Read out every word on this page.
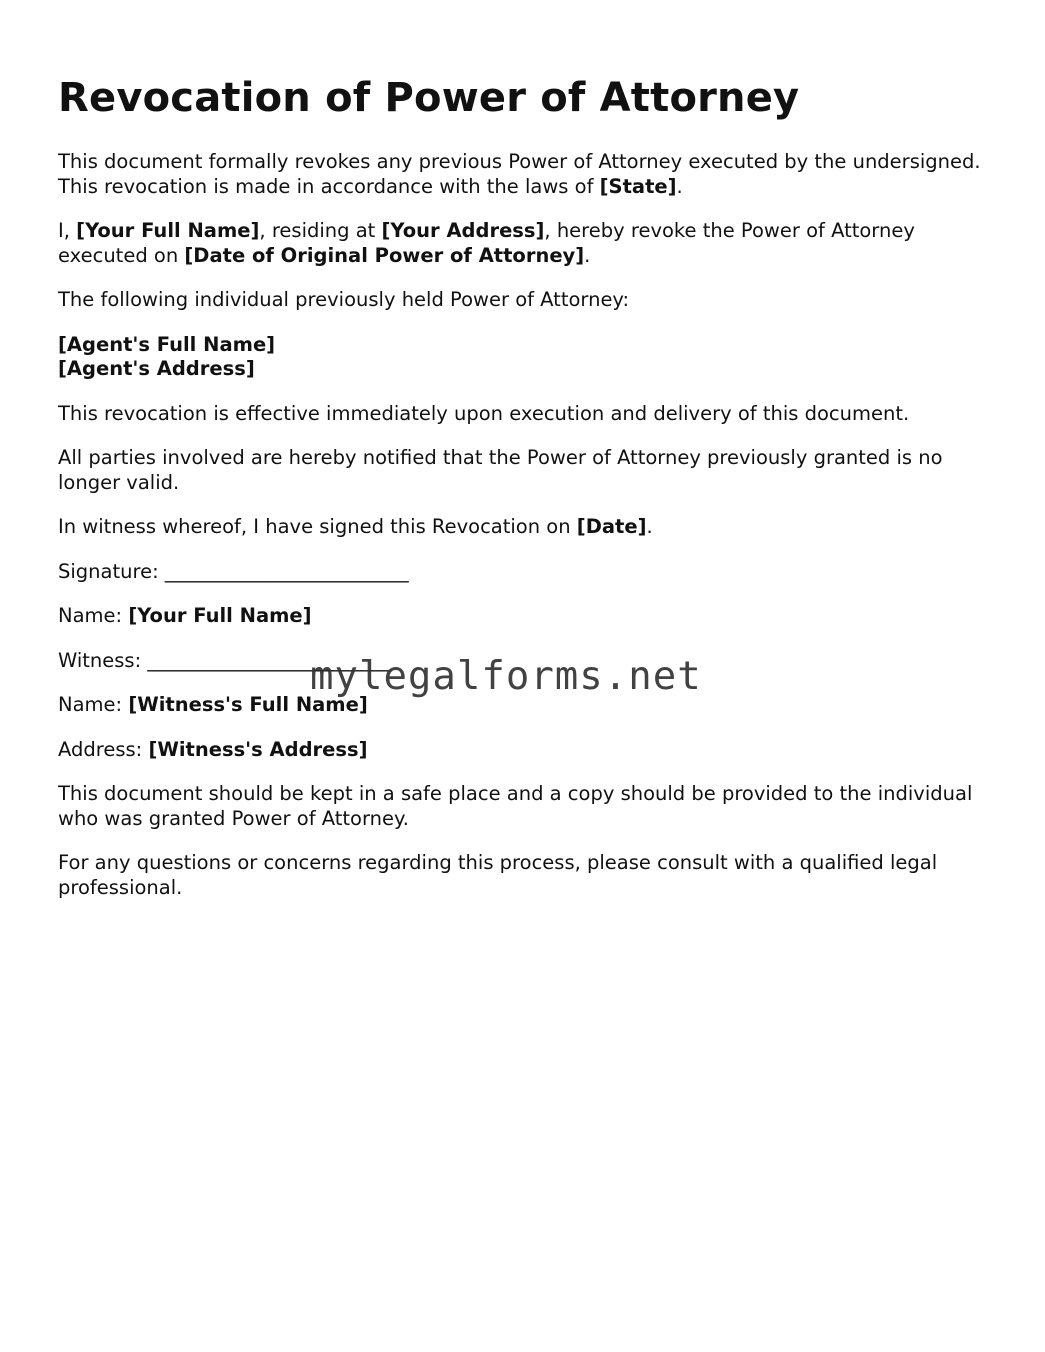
Revocation of Power of Attorney

This document formally revokes any previous Power of Attorney executed by the undersigned. This revocation is made in accordance with the laws of [State].

I, [Your Full Name], residing at [Your Address], hereby revoke the Power of Attorney executed on [Date of Original Power of Attorney].

The following individual previously held Power of Attorney:

[Agent's Full Name]
[Agent's Address]

This revocation is effective immediately upon execution and delivery of this document.

All parties involved are hereby notified that the Power of Attorney previously granted is no longer valid.

In witness whereof, I have signed this Revocation on [Date].

Signature: _________________________

Name: [Your Full Name]

Witness: _________________________

Name: [Witness's Full Name]

Address: [Witness's Address]

This document should be kept in a safe place and a copy should be provided to the individual who was granted Power of Attorney.

For any questions or concerns regarding this process, please consult with a qualified legal professional.

mylegalforms.net
